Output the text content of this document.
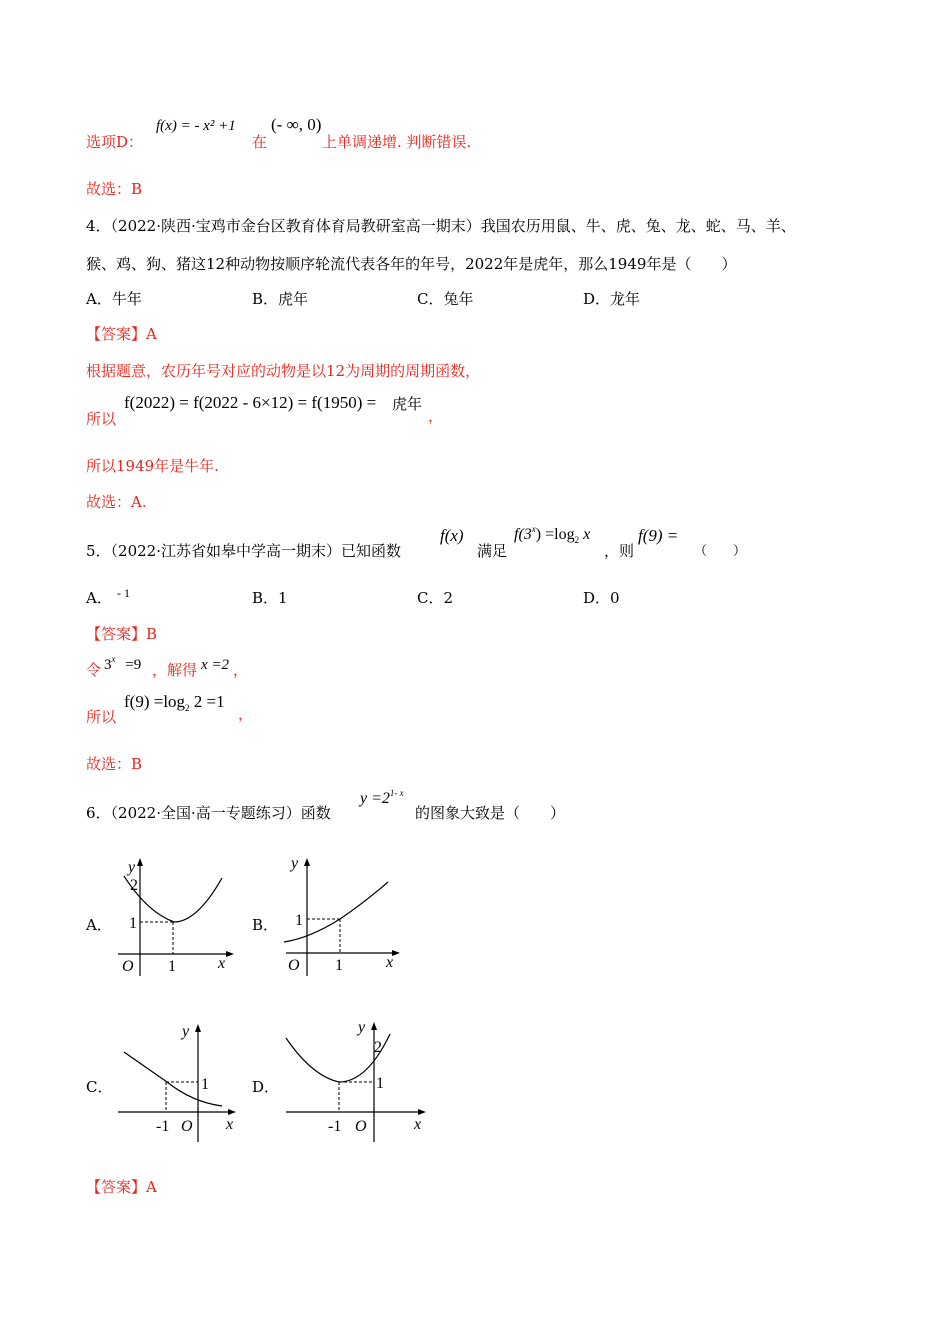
选项D：
f(x) = - x² +1
在
(- ∞, 0)
上单调递增. 判断错误.
故选：B
4．（2022·陕西·宝鸡市金台区教育体育局教研室高一期末）我国农历用鼠、牛、虎、兔、龙、蛇、马、羊、
猴、鸡、狗、猪这12种动物按顺序轮流代表各年的年号，2022年是虎年，那么1949年是（　　）
A．牛年	B．虎年	C．兔年	D．龙年
【答案】A
根据题意，农历年号对应的动物是以12为周期的周期函数，
所以
f(2022) = f(2022 - 6×12) = f(1950) = 虎年
，
所以1949年是牛年.
故选：A.
5．（2022·江苏省如皋中学高一期末）已知函数
f(x)
满足
$f(3^x) =\log_2$ x
，则
f(9) =
（　　）
A． - 1	B．1	C．2	D．0
【答案】B
令 $3^x =9$ ，解得 x =2 ，
所以
$f(9) =\log_2$ 2 =1
，
故选：B
6．（2022·全国·高一专题练习）函数
$y =2^{1- x}$
的图象大致是（　　）
A．	B．
C．	D．
y
2
1
O 1	x
y
1
O 1	x
y
1
-1 O x
y
2
1
-1 O	x
【答案】A
